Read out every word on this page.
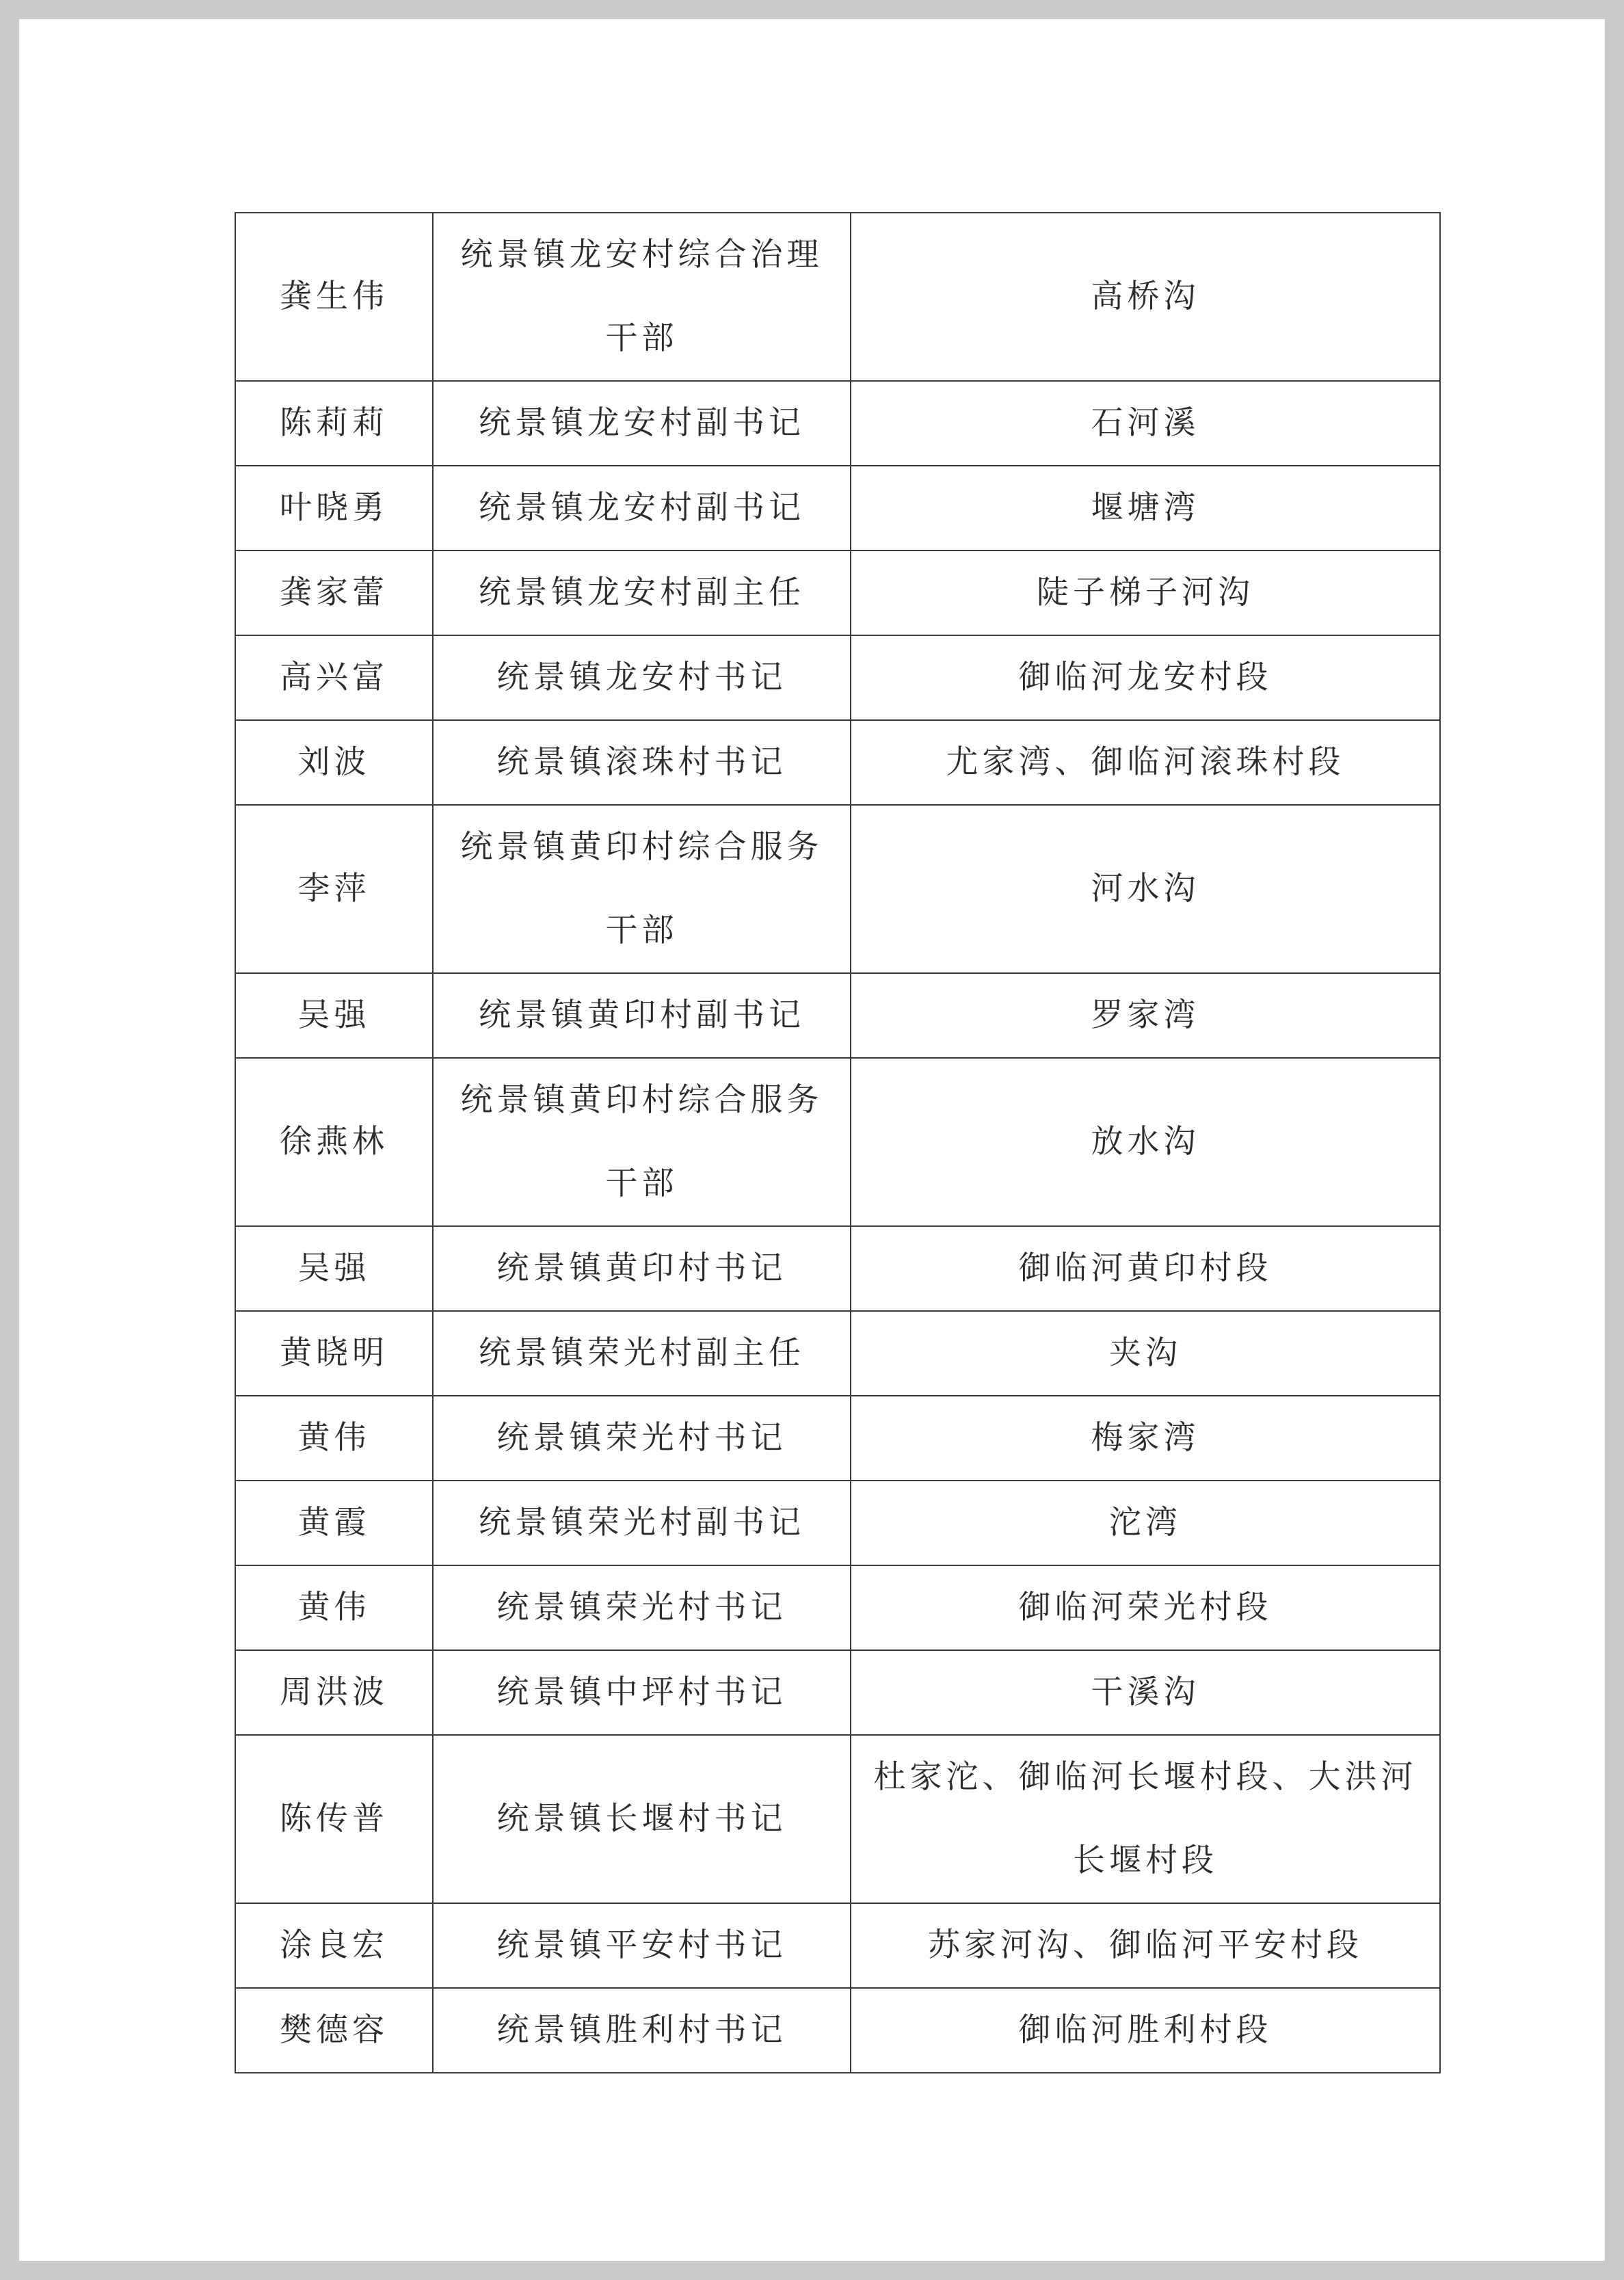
龚生伟	统景镇龙安村综合治理干部	高桥沟
陈莉莉	统景镇龙安村副书记	石河溪
叶晓勇	统景镇龙安村副书记	堰塘湾
龚家蕾	统景镇龙安村副主任	陡子梯子河沟
高兴富	统景镇龙安村书记	御临河龙安村段
刘波	统景镇滚珠村书记	尤家湾、御临河滚珠村段
李萍	统景镇黄印村综合服务干部	河水沟
吴强	统景镇黄印村副书记	罗家湾
徐燕林	统景镇黄印村综合服务干部	放水沟
吴强	统景镇黄印村书记	御临河黄印村段
黄晓明	统景镇荣光村副主任	夹沟
黄伟	统景镇荣光村书记	梅家湾
黄霞	统景镇荣光村副书记	沱湾
黄伟	统景镇荣光村书记	御临河荣光村段
周洪波	统景镇中坪村书记	干溪沟
陈传普	统景镇长堰村书记	杜家沱、御临河长堰村段、大洪河长堰村段
涂良宏	统景镇平安村书记	苏家河沟、御临河平安村段
樊德容	统景镇胜利村书记	御临河胜利村段
